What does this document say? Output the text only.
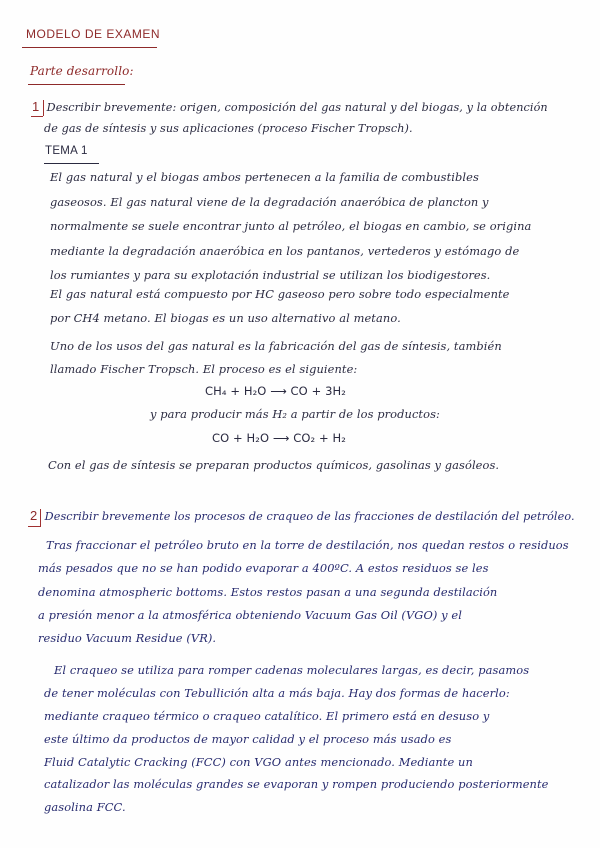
MODELO DE EXAMEN
Parte desarrollo:
1 Describir brevemente: origen, composición del gas natural y del biogas, y la obtención
de gas de síntesis y sus aplicaciones (proceso Fischer Tropsch).
TEMA 1
El gas natural y el biogas ambos pertenecen a la familia de combustibles
gaseosos. El gas natural viene de la degradación anaeróbica de plancton y
normalmente se suele encontrar junto al petróleo, el biogas en cambio, se origina
mediante la degradación anaeróbica en los pantanos, vertederos y estómago de
los rumiantes y para su explotación industrial se utilizan los biodigestores.
El gas natural está compuesto por HC gaseoso pero sobre todo especialmente
por CH4 metano. El biogas es un uso alternativo al metano.
Uno de los usos del gas natural es la fabricación del gas de síntesis, también
llamado Fischer Tropsch. El proceso es el siguiente:
CH₄ + H₂O ⟶ CO + 3H₂
y para producir más H₂ a partir de los productos:
CO + H₂O ⟶ CO₂ + H₂
Con el gas de síntesis se preparan productos químicos, gasolinas y gasóleos.
2 Describir brevemente los procesos de craqueo de las fracciones de destilación del petróleo.
Tras fraccionar el petróleo bruto en la torre de destilación, nos quedan restos o residuos
más pesados que no se han podido evaporar a 400ºC. A estos residuos se les
denomina atmospheric bottoms. Estos restos pasan a una segunda destilación
a presión menor a la atmosférica obteniendo Vacuum Gas Oil (VGO) y el
residuo Vacuum Residue (VR).
El craqueo se utiliza para romper cadenas moleculares largas, es decir, pasamos
de tener moléculas con Tebullición alta a más baja. Hay dos formas de hacerlo:
mediante craqueo térmico o craqueo catalítico. El primero está en desuso y
este último da productos de mayor calidad y el proceso más usado es
Fluid Catalytic Cracking (FCC) con VGO antes mencionado. Mediante un
catalizador las moléculas grandes se evaporan y rompen produciendo posteriormente
gasolina FCC.
